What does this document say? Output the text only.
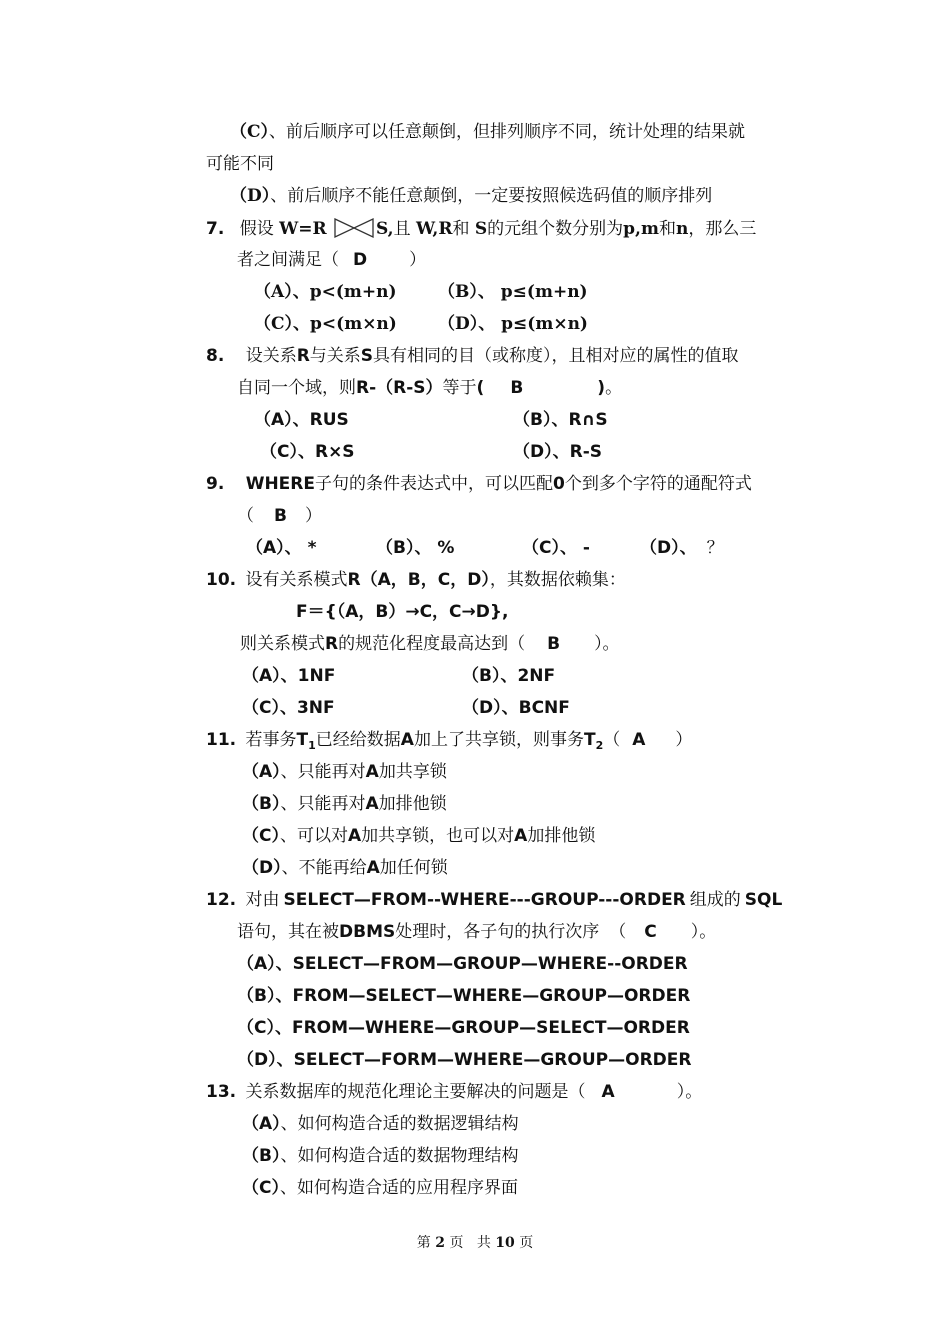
（C）、前后顺序可以任意颠倒，但排列顺序不同，统计处理的结果就
可能不同
（D）、前后顺序不能任意颠倒，一定要按照候选码值的顺序排列
7. 假设 W=R	S,且 W,R和 S的元组个数分别为p,m和n，那么三
者之间满足（ D ）
（A）、p<(m+n) （B）、 p≤(m+n)
（C）、p<(m×n) （D）、 p≤(m×n)
8. 设关系R与关系S具有相同的目（或称度），且相对应的属性的值取
自同一个域，则R-（R-S）等于( B	)。
（A）、RUS	（B）、R∩S
（C）、R×S	（D）、R-S
9. WHERE子句的条件表达式中，可以匹配0个到多个字符的通配符式
（ B ）
（A）、 *	（B）、 %	（C）、 -	（D）、 ？
10. 设有关系模式R（A，B，C，D），其数据依赖集：
F＝{（A，B）→C，C→D},
则关系模式R的规范化程度最高达到（ B ）。
（A）、1NF	（B）、2NF
（C）、3NF	（D）、BCNF
11. 若事务$T_1$已经给数据A加上了共享锁，则事务$T_2$（ A ）
（A）、只能再对A加共享锁
（B）、只能再对A加排他锁
（C）、可以对A加共享锁，也可以对A加排他锁
（D）、不能再给A加任何锁
12. 对由 SELECT—FROM--WHERE---GROUP---ORDER 组成的 SQL
语句，其在被DBMS处理时，各子句的执行次序 （ C ）。
（A）、SELECT—FROM—GROUP—WHERE--ORDER
（B）、FROM—SELECT—WHERE—GROUP—ORDER
（C）、FROM—WHERE—GROUP—SELECT—ORDER
（D）、SELECT—FORM—WHERE—GROUP—ORDER
13. 关系数据库的规范化理论主要解决的问题是（ A	）。
（A）、如何构造合适的数据逻辑结构
（B）、如何构造合适的数据物理结构
（C）、如何构造合适的应用程序界面
第 2 页 共 10 页
